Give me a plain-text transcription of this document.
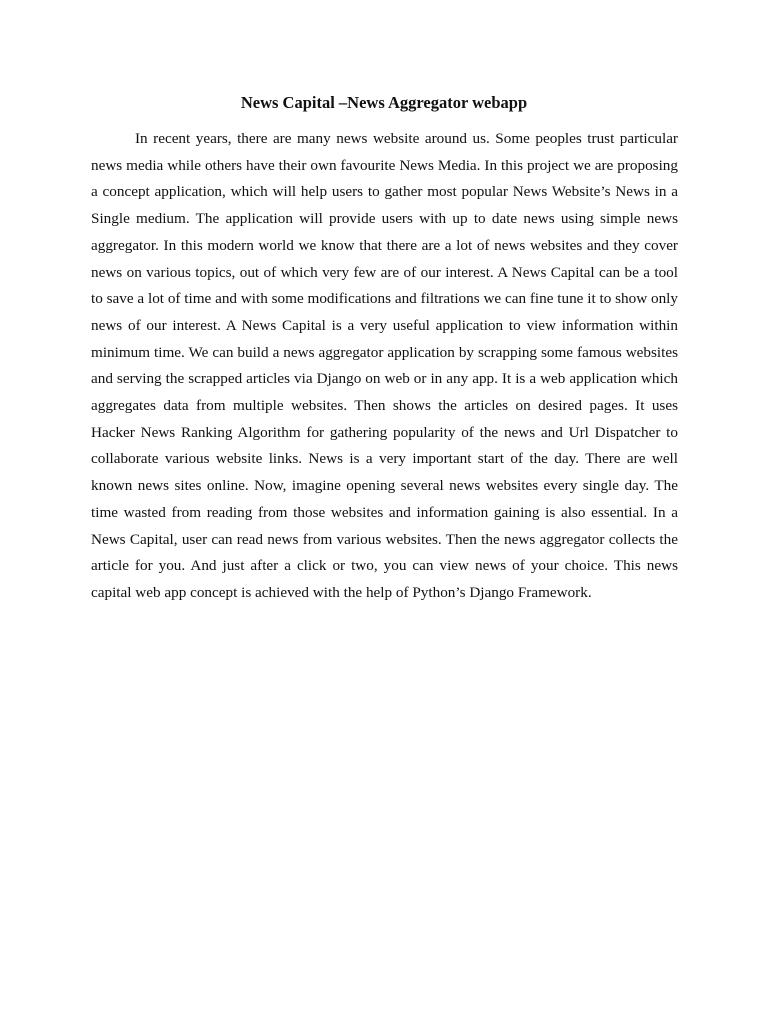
News Capital –News Aggregator webapp

In recent years, there are many news website around us. Some peoples trust particular news media while others have their own favourite News Media. In this project we are proposing a concept application, which will help users to gather most popular News Website’s News in a Single medium. The application will provide users with up to date news using simple news aggregator. In this modern world we know that there are a lot of news websites and they cover news on various topics, out of which very few are of our interest. A News Capital can be a tool to save a lot of time and with some modifications and filtrations we can fine tune it to show only news of our interest. A News Capital is a very useful application to view information within minimum time. We can build a news aggregator application by scrapping some famous websites and serving the scrapped articles via Django on web or in any app. It is a web application which aggregates data from multiple websites. Then shows the articles on desired pages. It uses Hacker News Ranking Algorithm for gathering popularity of the news and Url Dispatcher to collaborate various website links. News is a very important start of the day. There are well known news sites online. Now, imagine opening several news websites every single day. The time wasted from reading from those websites and information gaining is also essential. In a News Capital, user can read news from various websites. Then the news aggregator collects the article for you. And just after a click or two, you can view news of your choice. This news capital web app concept is achieved with the help of Python’s Django Framework.
